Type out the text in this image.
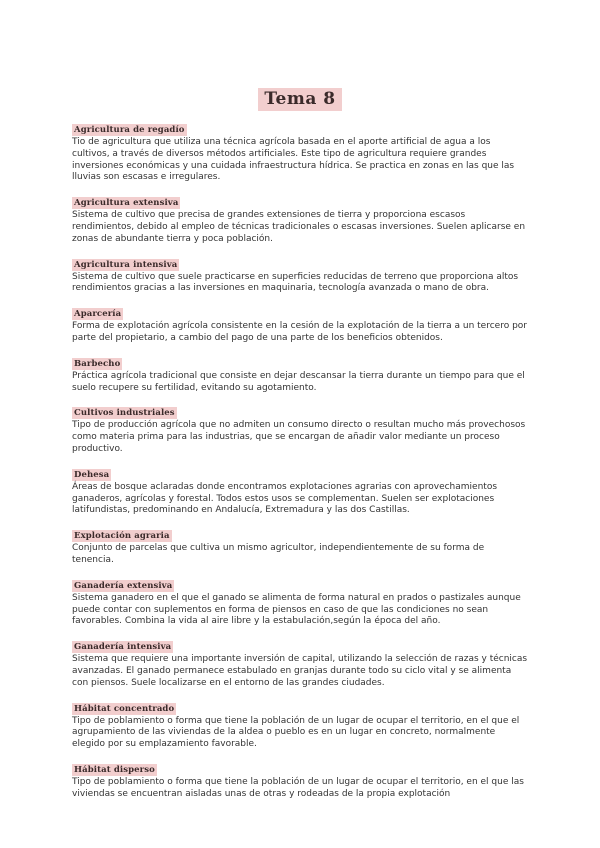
Tema 8
Agricultura de regadío

Tio de agricultura que utiliza una técnica agrícola basada en el aporte artificial de agua a los cultivos, a través de diversos métodos artificiales. Este tipo de agricultura requiere grandes inversiones económicas y una cuidada infraestructura hídrica. Se practica en zonas en las que las lluvias son escasas e irregulares.

Agricultura extensiva

Sistema de cultivo que precisa de grandes extensiones de tierra y proporciona escasos rendimientos, debido al empleo de técnicas tradicionales o escasas inversiones. Suelen aplicarse en zonas de abundante tierra y poca población.

Agricultura intensiva

Sistema de cultivo que suele practicarse en superficies reducidas de terreno que proporciona altos rendimientos gracias a las inversiones en maquinaria, tecnología avanzada o mano de obra.

Aparcería

Forma de explotación agrícola consistente en la cesión de la explotación de la tierra a un tercero por parte del propietario, a cambio del pago de una parte de los beneficios obtenidos.

Barbecho

Práctica agrícola tradicional que consiste en dejar descansar la tierra durante un tiempo para que el suelo recupere su fertilidad, evitando su agotamiento.

Cultivos industriales

Tipo de producción agrícola que no admiten un consumo directo o resultan mucho más provechosos como materia prima para las industrias, que se encargan de añadir valor mediante un proceso productivo.

Dehesa

Áreas de bosque aclaradas donde encontramos explotaciones agrarias con aprovechamientos ganaderos, agrícolas y forestal. Todos estos usos se complementan. Suelen ser explotaciones latifundistas, predominando en Andalucía, Extremadura y las dos Castillas.

Explotación agraria

Conjunto de parcelas que cultiva un mismo agricultor, independientemente de su forma de tenencia.

Ganadería extensiva

Sistema ganadero en el que el ganado se alimenta de forma natural en prados o pastizales aunque puede contar con suplementos en forma de piensos en caso de que las condiciones no sean favorables. Combina la vida al aire libre y la estabulación,según la época del año.

Ganadería intensiva

Sistema que requiere una importante inversión de capital, utilizando la selección de razas y técnicas avanzadas. El ganado permanece estabulado en granjas durante todo su ciclo vital y se alimenta con piensos. Suele localizarse en el entorno de las grandes ciudades.

Hábitat concentrado

Tipo de poblamiento o forma que tiene la población de un lugar de ocupar el territorio, en el que el agrupamiento de las viviendas de la aldea o pueblo es en un lugar en concreto, normalmente elegido por su emplazamiento favorable.

Hábitat disperso

Tipo de poblamiento o forma que tiene la población de un lugar de ocupar el territorio, en el que las viviendas se encuentran aisladas unas de otras y rodeadas de la propia explotación
